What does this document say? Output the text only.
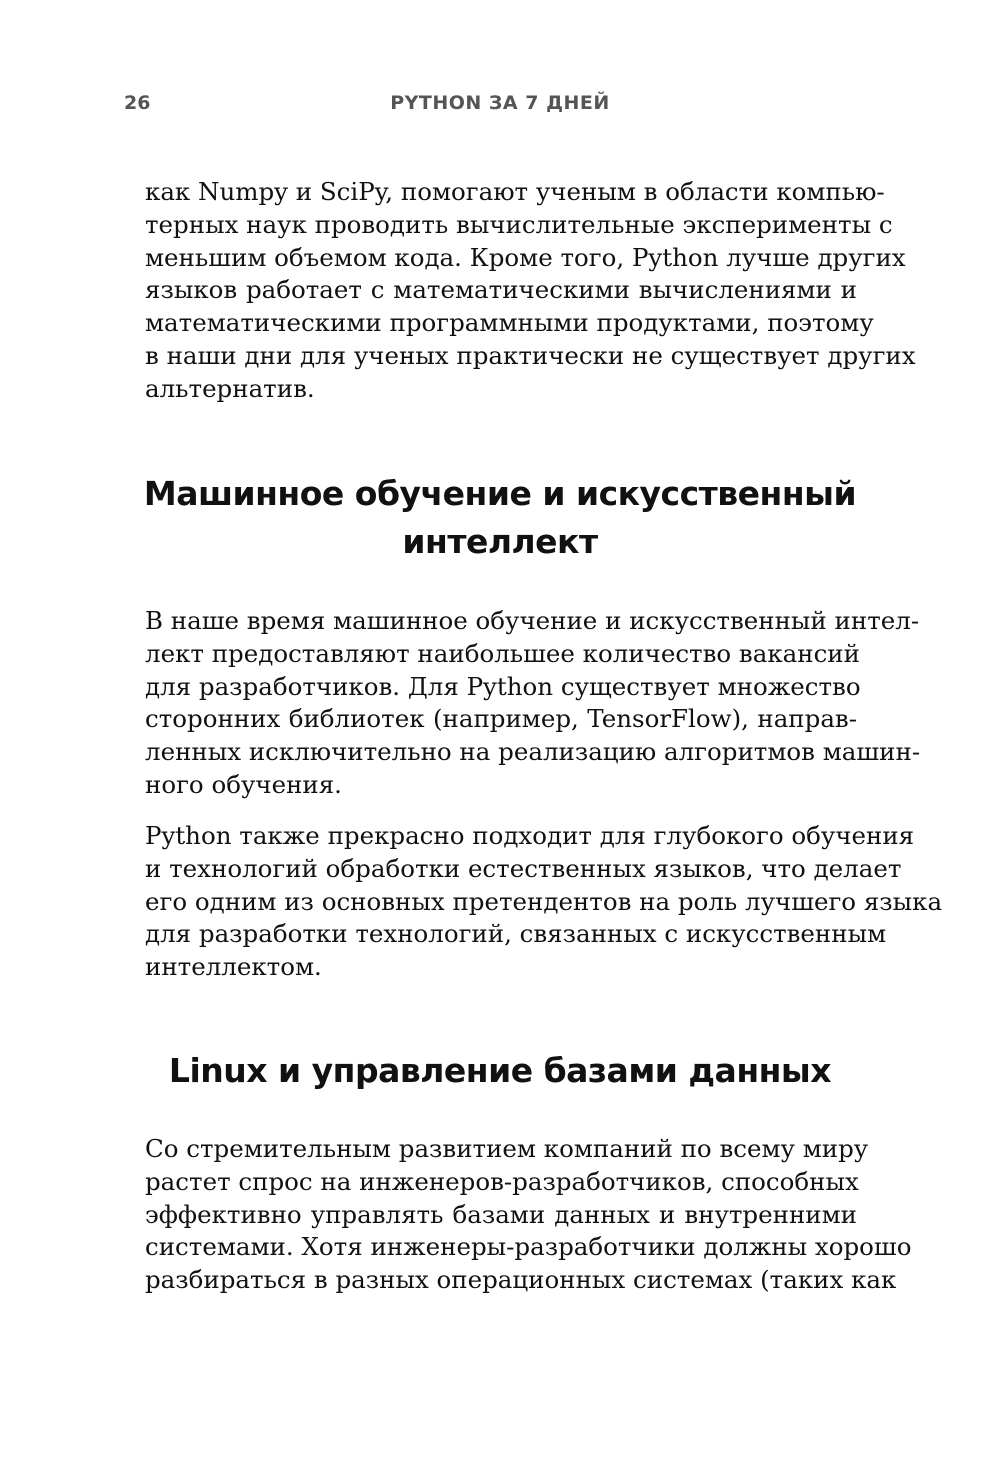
26	PYTHON ЗА 7 ДНЕЙ
как Numpy и SciPy, помогают ученым в области компью-
терных наук проводить вычислительные эксперименты с
меньшим объемом кода. Кроме того, Python лучше других
языков работает с математическими вычислениями и
математическими программными продуктами, поэтому
в наши дни для ученых практически не существует других
альтернатив.
Машинное обучение и искусственный
интеллект
В наше время машинное обучение и искусственный интел-
лект предоставляют наибольшее количество вакансий
для разработчиков. Для Python существует множество
сторонних библиотек (например, TensorFlow), направ-
ленных исключительно на реализацию алгоритмов машин-
ного обучения.
Python также прекрасно подходит для глубокого обучения
и технологий обработки естественных языков, что делает
его одним из основных претендентов на роль лучшего языка
для разработки технологий, связанных с искусственным
интеллектом.
Linux и управление базами данных
Со стремительным развитием компаний по всему миру
растет спрос на инженеров-разработчиков, способных
эффективно управлять базами данных и внутренними
системами. Хотя инженеры-разработчики должны хорошо
разбираться в разных операционных системах (таких как
